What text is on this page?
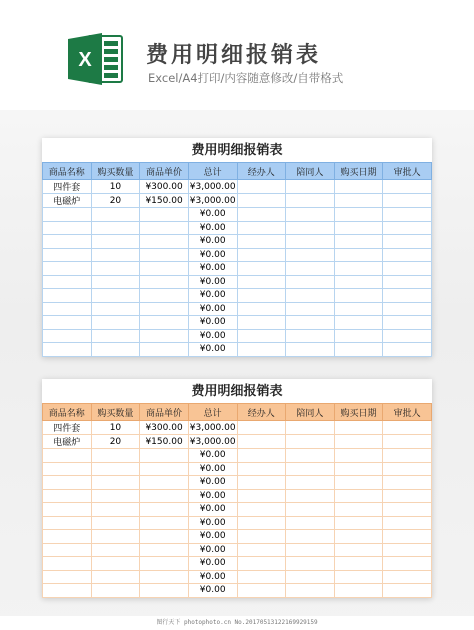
X 费用明细报销表
Excel/A4打印/内容随意修改/自带格式
费用明细报销表
商品名称	购买数量	商品单价	总计	经办人	陪同人	购买日期	审批人
四件套	10	¥300.00	¥3,000.00				
电磁炉	20	¥150.00	¥3,000.00				
			¥0.00				
			¥0.00				
			¥0.00				
			¥0.00				
			¥0.00				
			¥0.00				
			¥0.00				
			¥0.00				
			¥0.00				
			¥0.00				
			¥0.00				
费用明细报销表
商品名称	购买数量	商品单价	总计	经办人	陪同人	购买日期	审批人
四件套	10	¥300.00	¥3,000.00				
电磁炉	20	¥150.00	¥3,000.00				
			¥0.00				
			¥0.00				
			¥0.00				
			¥0.00				
			¥0.00				
			¥0.00				
			¥0.00				
			¥0.00				
			¥0.00				
			¥0.00				
			¥0.00				
图行天下 photophoto.cn No.20170513122169929159
